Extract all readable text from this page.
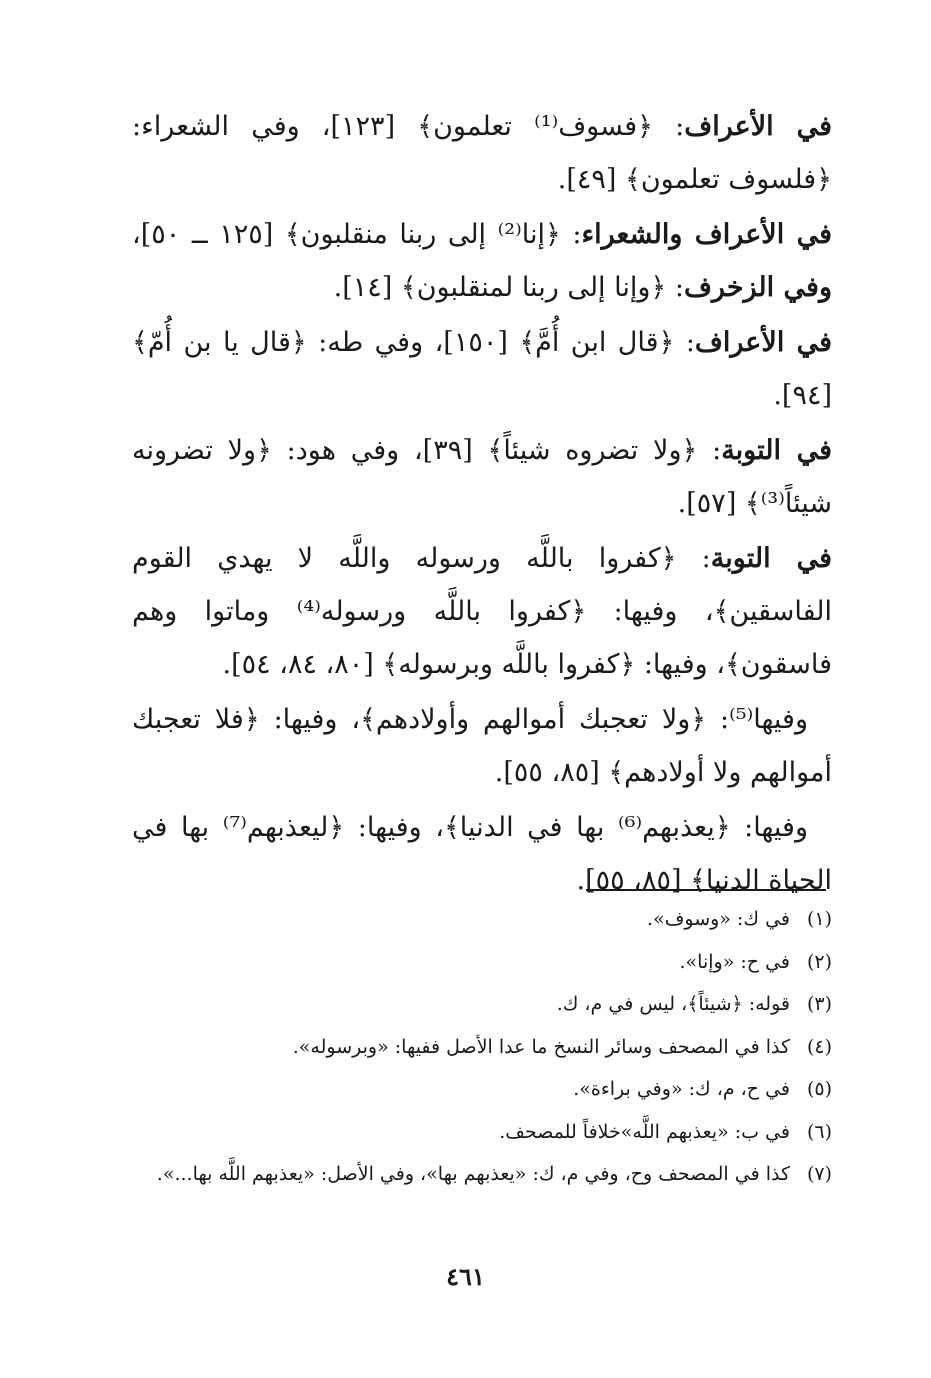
في الأعراف: ﴿فسوف⁽¹⁾ تعلمون﴾ [١٢٣]، وفي الشعراء: ﴿فلسوف تعلمون﴾ [٤٩].

في الأعراف والشعراء: ﴿إنا⁽²⁾ إلى ربنا منقلبون﴾ [١٢٥ ــ ٥٠]، وفي الزخرف: ﴿وإنا إلى ربنا لمنقلبون﴾ [١٤].

في الأعراف: ﴿قال ابن أُمَّ﴾ [١٥٠]، وفي طه: ﴿قال يا بن أُمّ﴾ [٩٤].

في التوبة: ﴿ولا تضروه شيئاً﴾ [٣٩]، وفي هود: ﴿ولا تضرونه شيئاً⁽³⁾﴾ [٥٧].

في التوبة: ﴿كفروا باللَّه ورسوله واللَّه لا يهدي القوم الفاسقين﴾، وفيها: ﴿كفروا باللَّه ورسوله⁽⁴⁾ وماتوا وهم فاسقون﴾، وفيها: ﴿كفروا باللَّه وبرسوله﴾ [٨٠، ٨٤، ٥٤].

وفيها⁽⁵⁾: ﴿ولا تعجبك أموالهم وأولادهم﴾، وفيها: ﴿فلا تعجبك أموالهم ولا أولادهم﴾ [٨٥، ٥٥].

وفيها: ﴿يعذبهم⁽⁶⁾ بها في الدنيا﴾، وفيها: ﴿ليعذبهم⁽⁷⁾ بها في الحياة الدنيا﴾ [٨٥، ٥٥].

(١)
في ك: «وسوف».
(٢)
في ح: «وإنا».
(٣)
قوله: ﴿شيئاً﴾، ليس في م، ك.
(٤)
كذا في المصحف وسائر النسخ ما عدا الأصل ففيها: «وبرسوله».
(٥)
في ح، م، ك: «وفي براءة».
(٦)
في ب: «يعذبهم اللَّه»خلافاً للمصحف.
(٧)
كذا في المصحف وح، وفي م، ك: «يعذبهم بها»، وفي الأصل: «يعذبهم اللَّه بها...».
٤٦١
